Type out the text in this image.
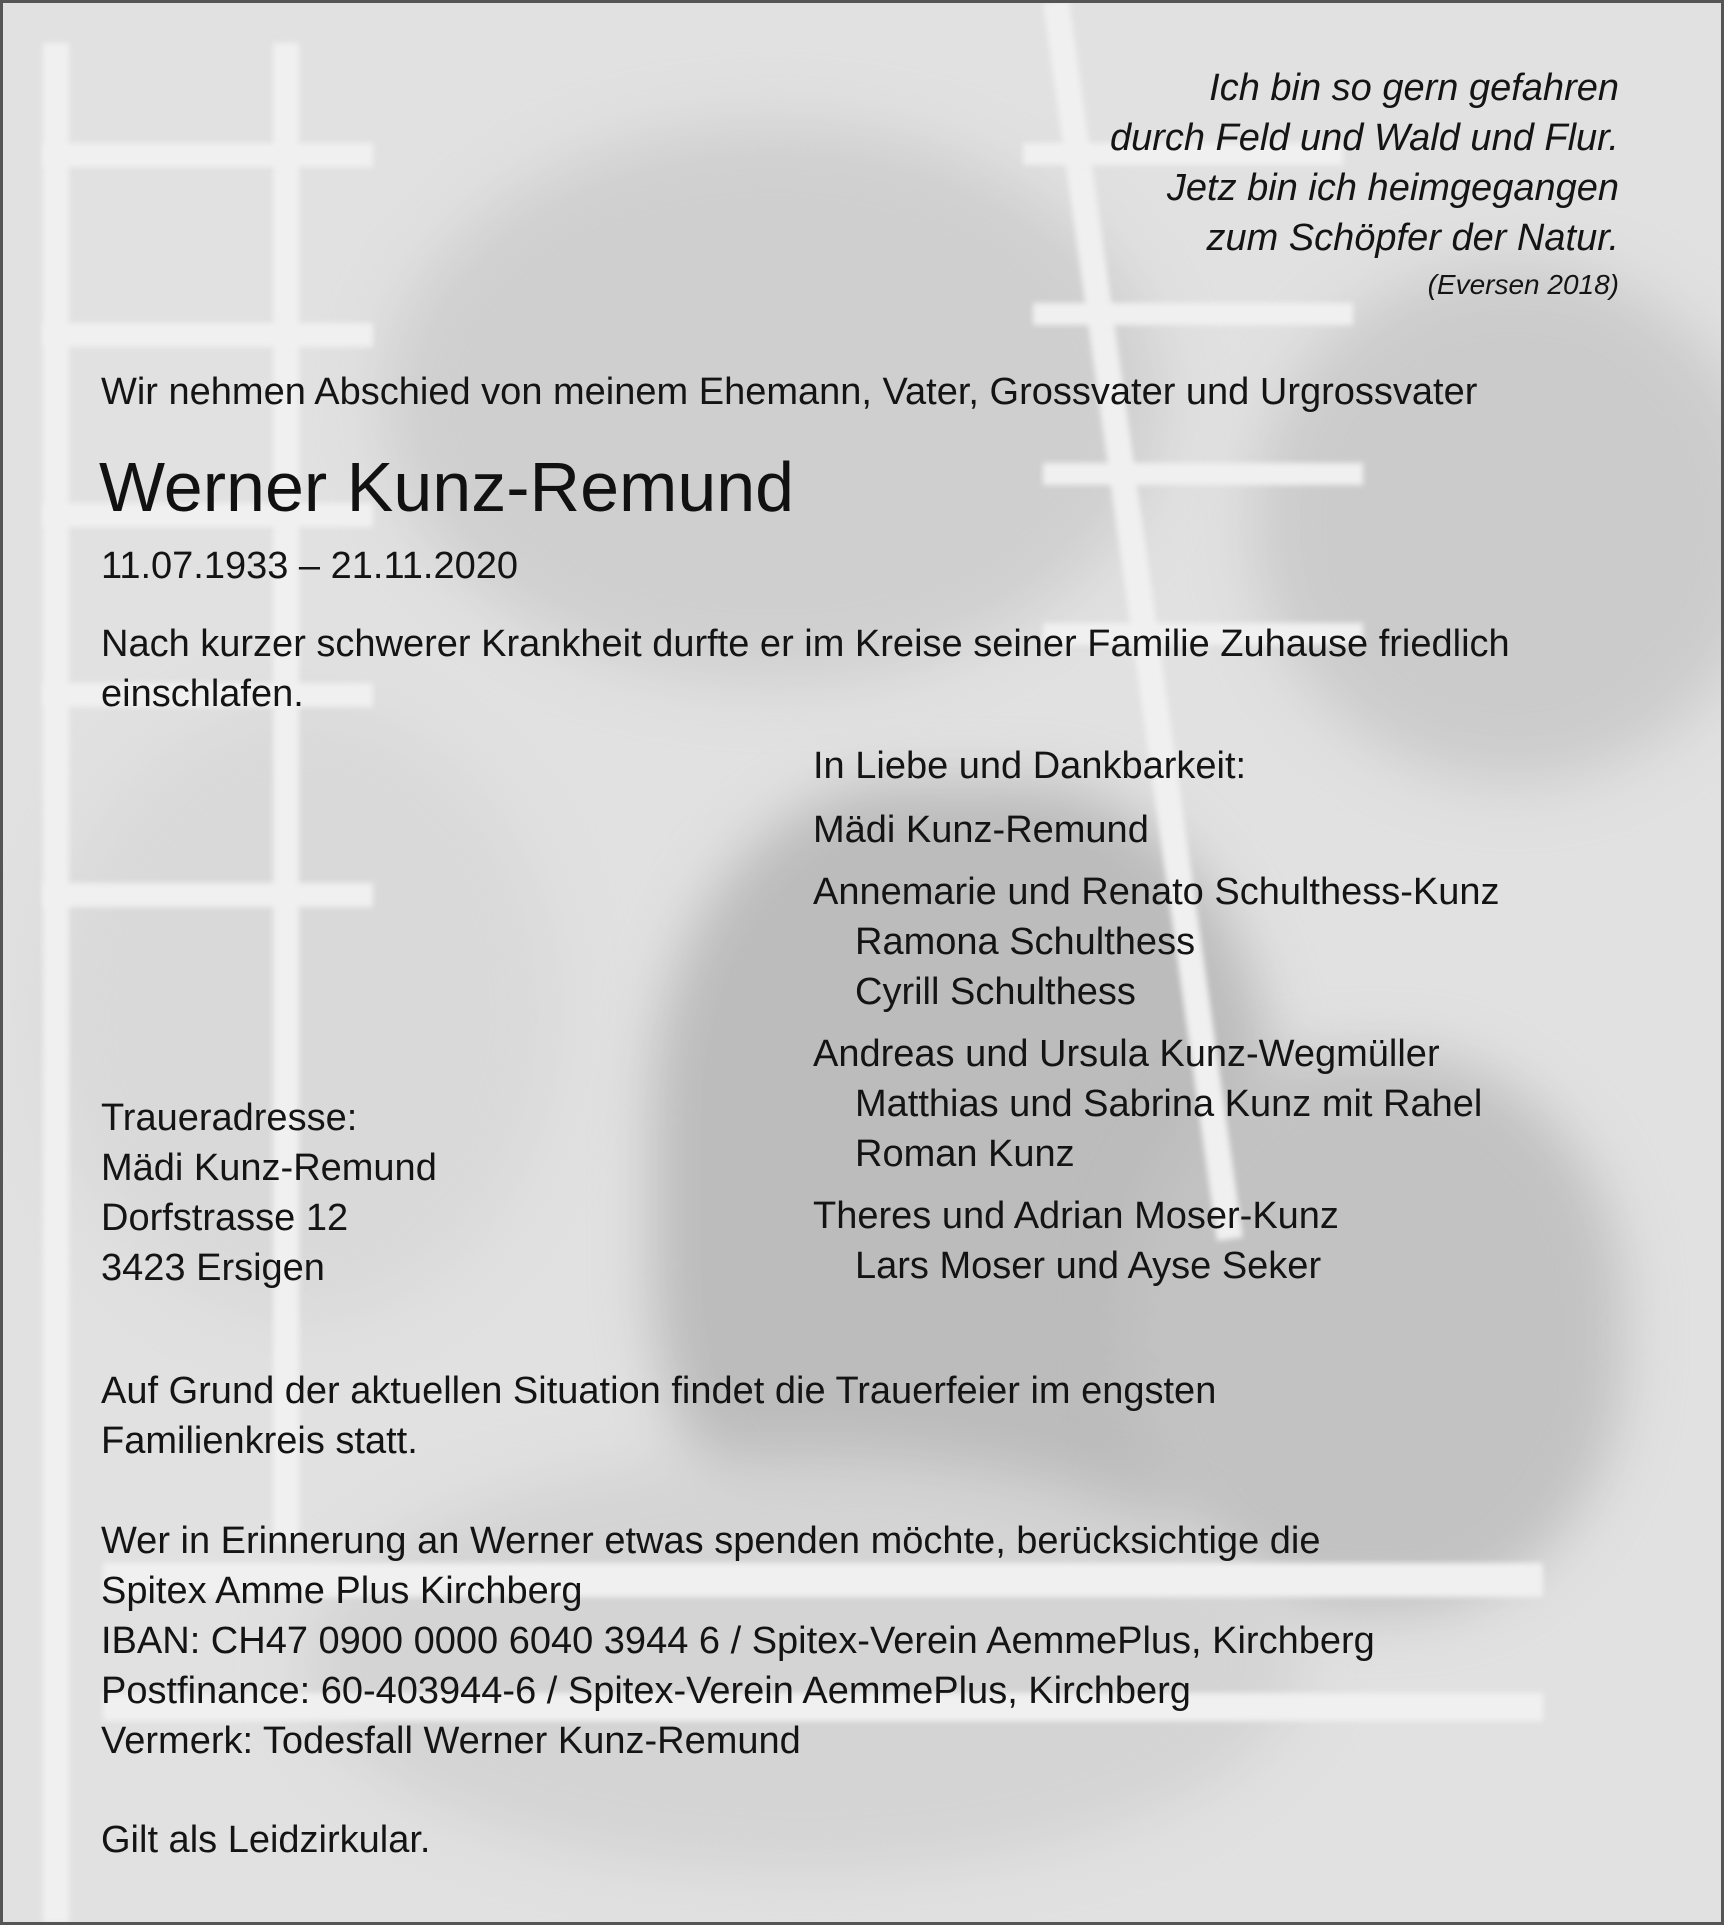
Ich bin so gern gefahren
durch Feld und Wald und Flur.
Jetz bin ich heimgegangen
zum Schöpfer der Natur.
(Eversen 2018)
Wir nehmen Abschied von meinem Ehemann, Vater, Grossvater und Urgrossvater
Werner Kunz-Remund
11.07.1933 – 21.11.2020
Nach kurzer schwerer Krankheit durfte er im Kreise seiner Familie Zuhause friedlich einschlafen.
In Liebe und Dankbarkeit:
Mädi Kunz-Remund
Annemarie und Renato Schulthess-Kunz
Ramona Schulthess
Cyrill Schulthess
Andreas und Ursula Kunz-Wegmüller
Matthias und Sabrina Kunz mit Rahel
Roman Kunz
Theres und Adrian Moser-Kunz
Lars Moser und Ayse Seker
Traueradresse:
Mädi Kunz-Remund
Dorfstrasse 12
3423 Ersigen
Auf Grund der aktuellen Situation findet die Trauerfeier im engsten
Familienkreis statt.
Wer in Erinnerung an Werner etwas spenden möchte, berücksichtige die
Spitex Amme Plus Kirchberg
IBAN: CH47 0900 0000 6040 3944 6 / Spitex-Verein AemmePlus, Kirchberg
Postfinance: 60-403944-6 / Spitex-Verein AemmePlus, Kirchberg
Vermerk: Todesfall Werner Kunz-Remund
Gilt als Leidzirkular.
